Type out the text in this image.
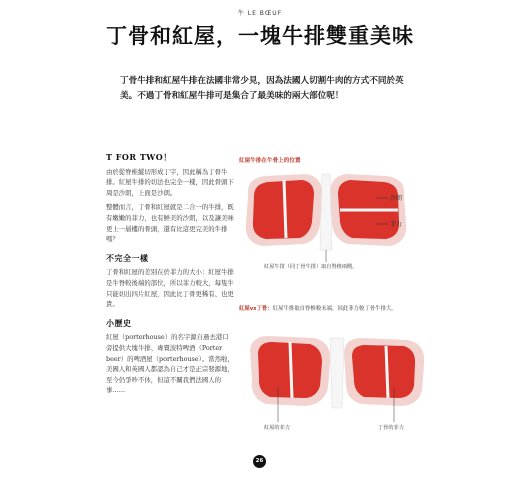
牛 LE BŒUF
丁骨和紅屋，一塊牛排雙重美味
丁骨牛排和紅屋牛排在法國非常少見，因為法國人切割牛肉的方式不同於英美。不過丁骨和紅屋牛排可是集合了最美味的兩大部位呢！
T FOR TWO！

由於從脊椎縱切形成丁字，因此稱為丁骨牛排。紅屋牛排的切法也完全一樣，因此骨頭下周是沙朗，上面是沙朗。

整體而言，丁骨和紅屋就是二合一的牛排，既有嫩嫩的菲力，也有鮮美的沙朗，以及讓美味更上一層樓的骨頭，還有比這更完美的牛排嗎？

不完全一樣

丁骨和紅屋的差別在於菲力的大小：紅屋牛排是牛脊較後端的部位，所以菲力較大，每隻牛只能切出四片紅屋，因此比丁骨更稀有、也更貴。

小歷史

紅屋（porterhouse）的名字源自過去港口旁提供大塊牛排、專賣波特啤酒（Porter beer）的啤酒屋（porterhouse）。當然啦，美國人和英國人都認為自己才是正宗發源地，至今仍爭吵不休，但這不關我們法國人的事……

紅屋牛排在牛骨上的位置
沙朗
菲力
紅屋牛排（同丁骨牛排）取自脊椎兩側。
紅屋vs丁骨：紅屋牛排取自脊椎較末端，因此菲力較丁骨牛排大。
紅屋的菲力	丁骨的菲力
26
